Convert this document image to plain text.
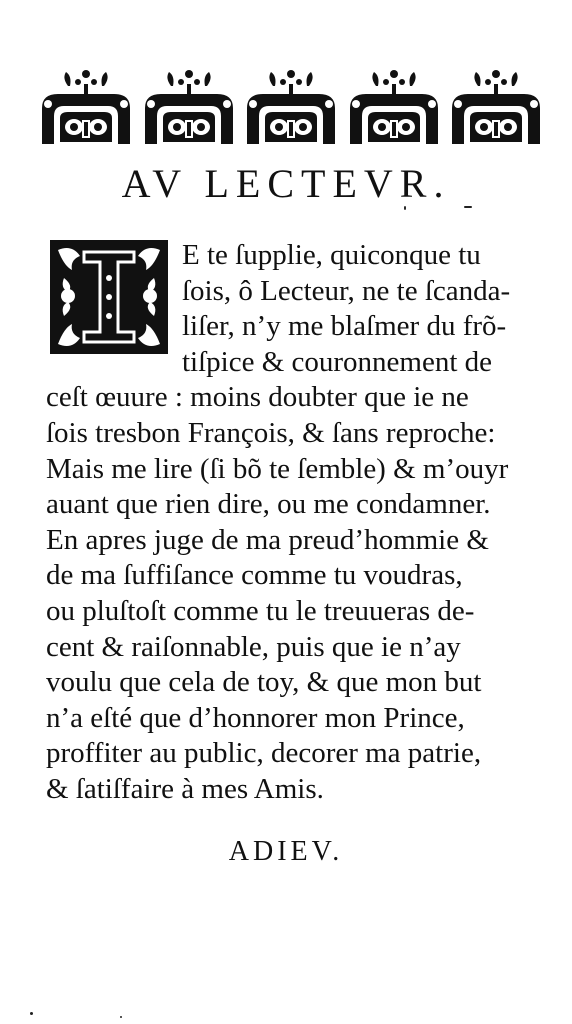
AV LECTEVR.
E te ſupplie, quiconque tu
ſois, ô Lecteur, ne te ſcanda-
liſer, n’y me blaſmer du frõ-
tiſpice & couronnement de
ceſt œuure : moins doubter que ie ne
ſois tresbon François, & ſans reproche:
Mais me lire (ſi bõ te ſemble) & m’ouyr
auant que rien dire, ou me condamner.
En apres juge de ma preud’hommie &
de ma ſuffiſance comme tu voudras,
ou pluſtoſt comme tu le treuueras de-
cent & raiſonnable, puis que ie n’ay
voulu que cela de toy, & que mon but
n’a eſté que d’honnorer mon Prince,
proffiter au public, decorer ma patrie,
& ſatiſfaire à mes Amis.
ADIEV.
